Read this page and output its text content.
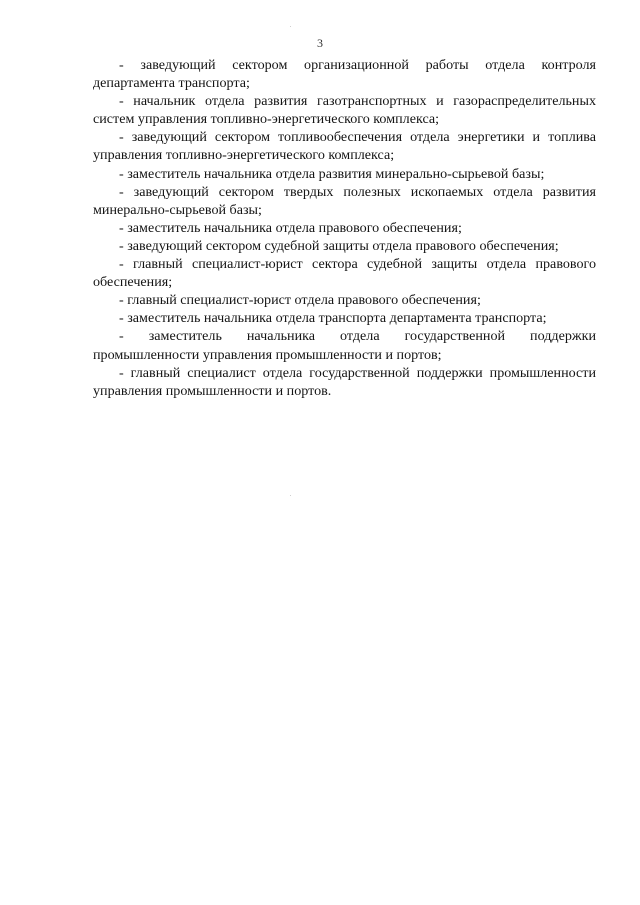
3

- заведующий сектором организационной работы отдела контроля департамента транспорта;

- начальник отдела развития газотранспортных и газораспределительных систем управления топливно-энергетического комплекса;

- заведующий сектором топливообеспечения отдела энергетики и топлива управления топливно-энергетического комплекса;

- заместитель начальника отдела развития минерально-сырьевой базы;

- заведующий сектором твердых полезных ископаемых отдела развития минерально-сырьевой базы;

- заместитель начальника отдела правового обеспечения;

- заведующий сектором судебной защиты отдела правового обеспечения;

- главный специалист-юрист сектора судебной защиты отдела правового обеспечения;

- главный специалист-юрист отдела правового обеспечения;

- заместитель начальника отдела транспорта департамента транспорта;

- заместитель начальника отдела государственной поддержки промышленности управления промышленности и портов;

- главный специалист отдела государственной поддержки промышленности управления промышленности и портов.
